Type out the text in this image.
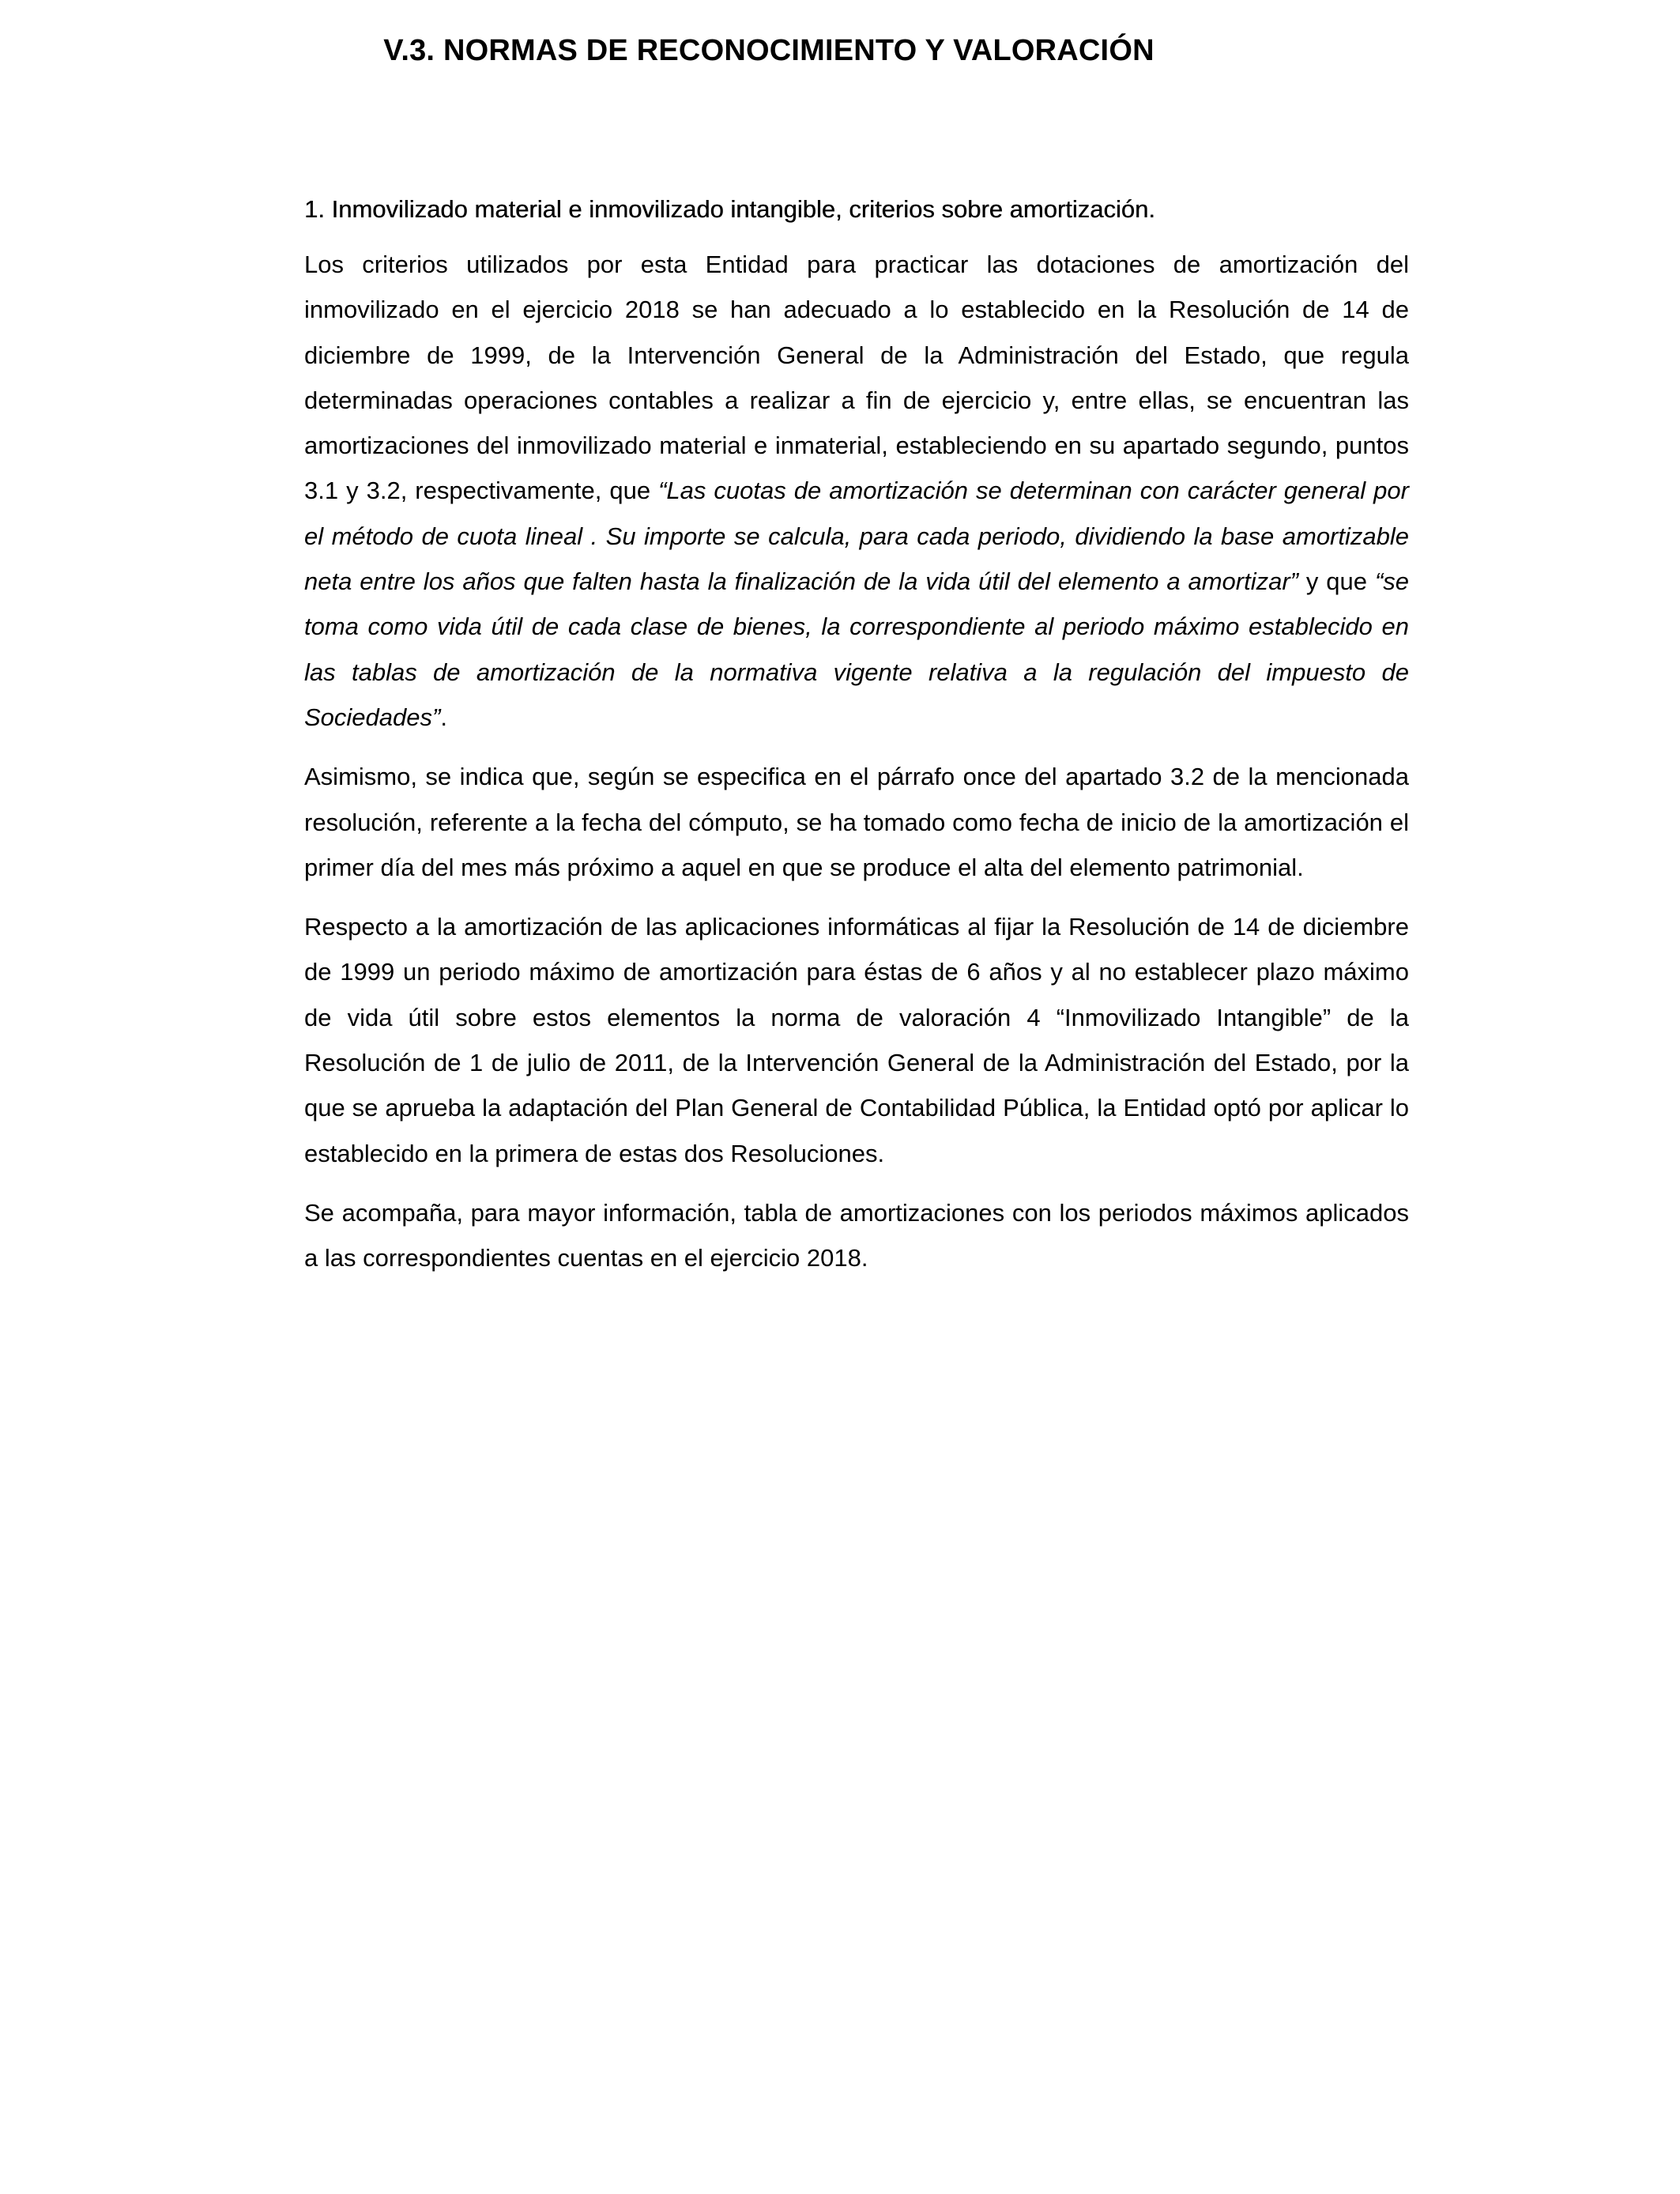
V.3. NORMAS DE RECONOCIMIENTO Y VALORACIÓN
1. Inmovilizado material e inmovilizado intangible, criterios sobre amortización.

Los criterios utilizados por esta Entidad para practicar las dotaciones de amortización del inmovilizado en el ejercicio 2018 se han adecuado a lo establecido en la Resolución de 14 de diciembre de 1999, de la Intervención General de la Administración del Estado, que regula determinadas operaciones contables a realizar a fin de ejercicio y, entre ellas, se encuentran las amortizaciones del inmovilizado material e inmaterial, estableciendo en su apartado segundo, puntos 3.1 y 3.2, respectivamente, que “Las cuotas de amortización se determinan con carácter general por el método de cuota lineal . Su importe se calcula, para cada periodo, dividiendo la base amortizable neta entre los años que falten hasta la finalización de la vida útil del elemento a amortizar” y que “se toma como vida útil de cada clase de bienes, la correspondiente al periodo máximo establecido en las tablas de amortización de la normativa vigente relativa a la regulación del impuesto de Sociedades”.

Asimismo, se indica que, según se especifica en el párrafo once del apartado 3.2 de la mencionada resolución, referente a la fecha del cómputo, se ha tomado como fecha de inicio de la amortización el primer día del mes más próximo a aquel en que se produce el alta del elemento patrimonial.

Respecto a la amortización de las aplicaciones informáticas al fijar la Resolución de 14 de diciembre de 1999 un periodo máximo de amortización para éstas de 6 años y al no establecer plazo máximo de vida útil sobre estos elementos la norma de valoración 4 “Inmovilizado Intangible” de la Resolución de 1 de julio de 2011, de la Intervención General de la Administración del Estado, por la que se aprueba la adaptación del Plan General de Contabilidad Pública, la Entidad optó por aplicar lo establecido en la primera de estas dos Resoluciones.

Se acompaña, para mayor información, tabla de amortizaciones con los periodos máximos aplicados a las correspondientes cuentas en el ejercicio 2018.
